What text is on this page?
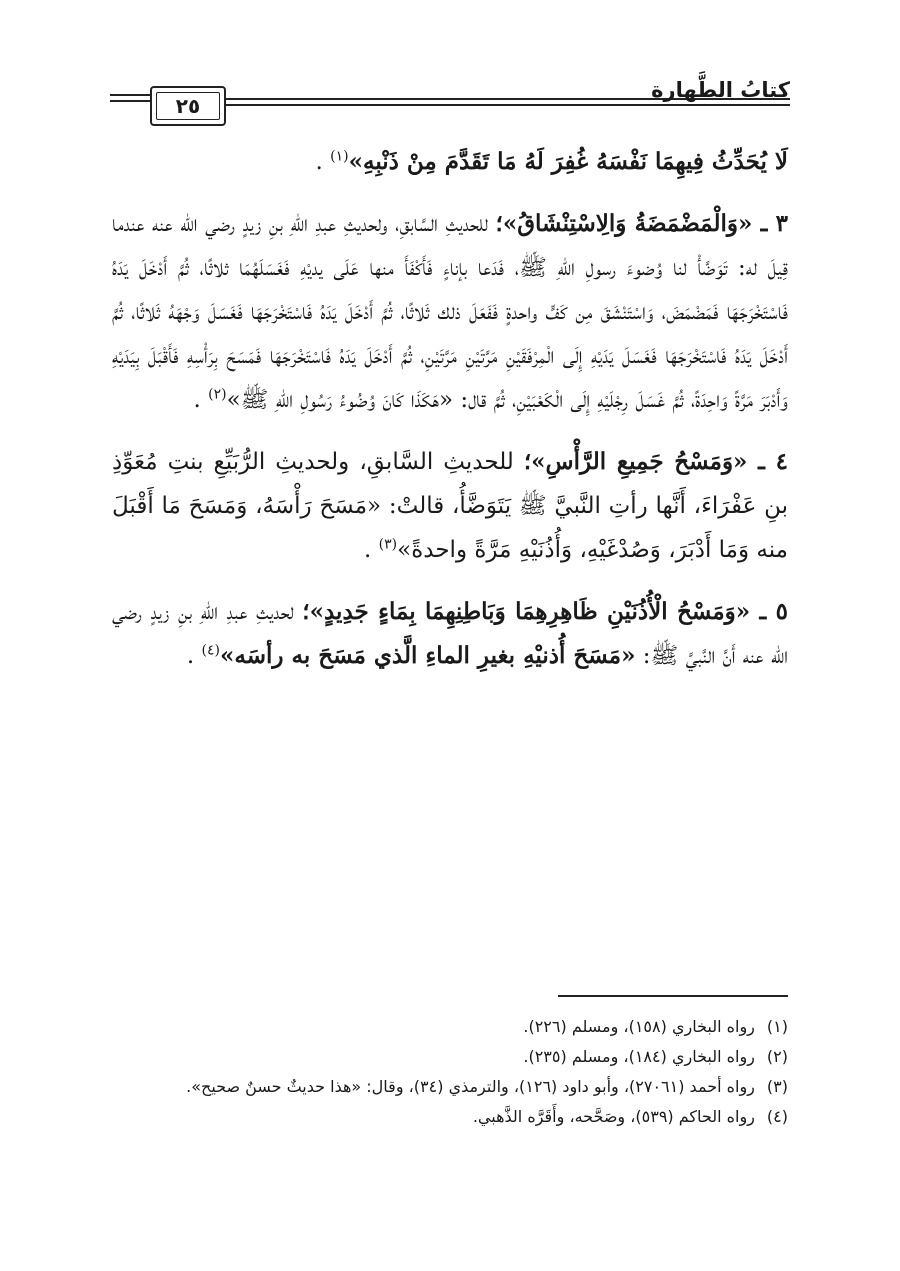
٢٥
كتابُ الطَّهارة

لَا يُحَدِّثُ فِيهِمَا نَفْسَهُ غُفِرَ لَهُ مَا تَقَدَّمَ مِنْ ذَنْبِهِ»$^{(١)}$ .

٣ ـ «وَالْمَضْمَضَةُ وَالِاسْتِنْشَاقُ»؛ للحديثِ السَّابقِ، ولحديثِ عبدِ اللهِ بنِ زيدٍ رضي الله عنه عندما قِيلَ له: تَوَضَّأْ لنا وُضوءَ رسولِ اللهِ ﷺ، فَدَعا بإناءٍ فَأَكْفَأَ منها عَلَى يديْهِ فَغَسَلَهُمَا ثلاثًا، ثُمَّ أَدْخَلَ يَدَهُ فَاسْتَخْرَجَهَا فَمَضْمَضَ، وَاسْتَنْشَقَ مِن كَفٍّ واحدةٍ فَفَعَلَ ذلك ثَلاثًا، ثُمَّ أَدْخَلَ يَدَهُ فَاسْتَخْرَجَهَا فَغَسَلَ وَجْهَهُ ثَلاثًا، ثُمَّ أَدْخَلَ يَدَهُ فَاسْتَخْرَجَهَا فَغَسَلَ يَدَيْهِ إِلَى الْمِرْفَقَيْنِ مَرَّتَيْنِ مَرَّتَيْنِ، ثُمَّ أَدْخَلَ يَدَهُ فَاسْتَخْرَجَهَا فَمَسَحَ بِرَأْسِهِ فَأَقْبَلَ بِيَدَيْهِ وَأَدْبَرَ مَرَّةً وَاحِدَةً، ثُمَّ غَسَلَ رِجْلَيْهِ إِلَى الْكَعْبَيْنِ، ثُمَّ قال: «هَكَذَا كَانَ وُضُوءُ رَسُولِ اللهِ ﷺ»$^{(٢)}$ .

٤ ـ «وَمَسْحُ جَمِيعِ الرَّأْسِ»؛ للحديثِ السَّابقِ، ولحديثِ الرُّبَيِّعِ بنتِ مُعَوِّذِ بنِ عَفْرَاءَ، أَنَّها رأتِ النَّبيَّ ﷺ يَتَوَضَّأُ، قالتْ: «مَسَحَ رَأْسَهُ، وَمَسَحَ مَا أَقْبَلَ منه وَمَا أَدْبَرَ، وَصُدْغَيْهِ، وَأُذُنَيْهِ مَرَّةً واحدةً»$^{(٣)}$ .

٥ ـ «وَمَسْحُ الْأُذُنَيْنِ ظَاهِرِهِمَا وَبَاطِنِهِمَا بِمَاءٍ جَدِيدٍ»؛ لحديثِ عبدِ اللهِ بنِ زيدٍ رضي الله عنه أَنَّ النَّبيَّ ﷺ: «مَسَحَ أُذنيْهِ بغيرِ الماءِ الَّذي مَسَحَ به رأسَه»$^{(٤)}$ .

(١) رواه البخاري (١٥٨)، ومسلم (٢٢٦).

(٢) رواه البخاري (١٨٤)، ومسلم (٢٣٥).

(٣) رواه أحمد (٢٧٠٦١)، وأبو داود (١٢٦)، والترمذي (٣٤)، وقال: «هذا حديثٌ حسنٌ صحيح».

(٤) رواه الحاكم (٥٣٩)، وصَحَّحه، وأَقَرَّه الذَّهبي.
